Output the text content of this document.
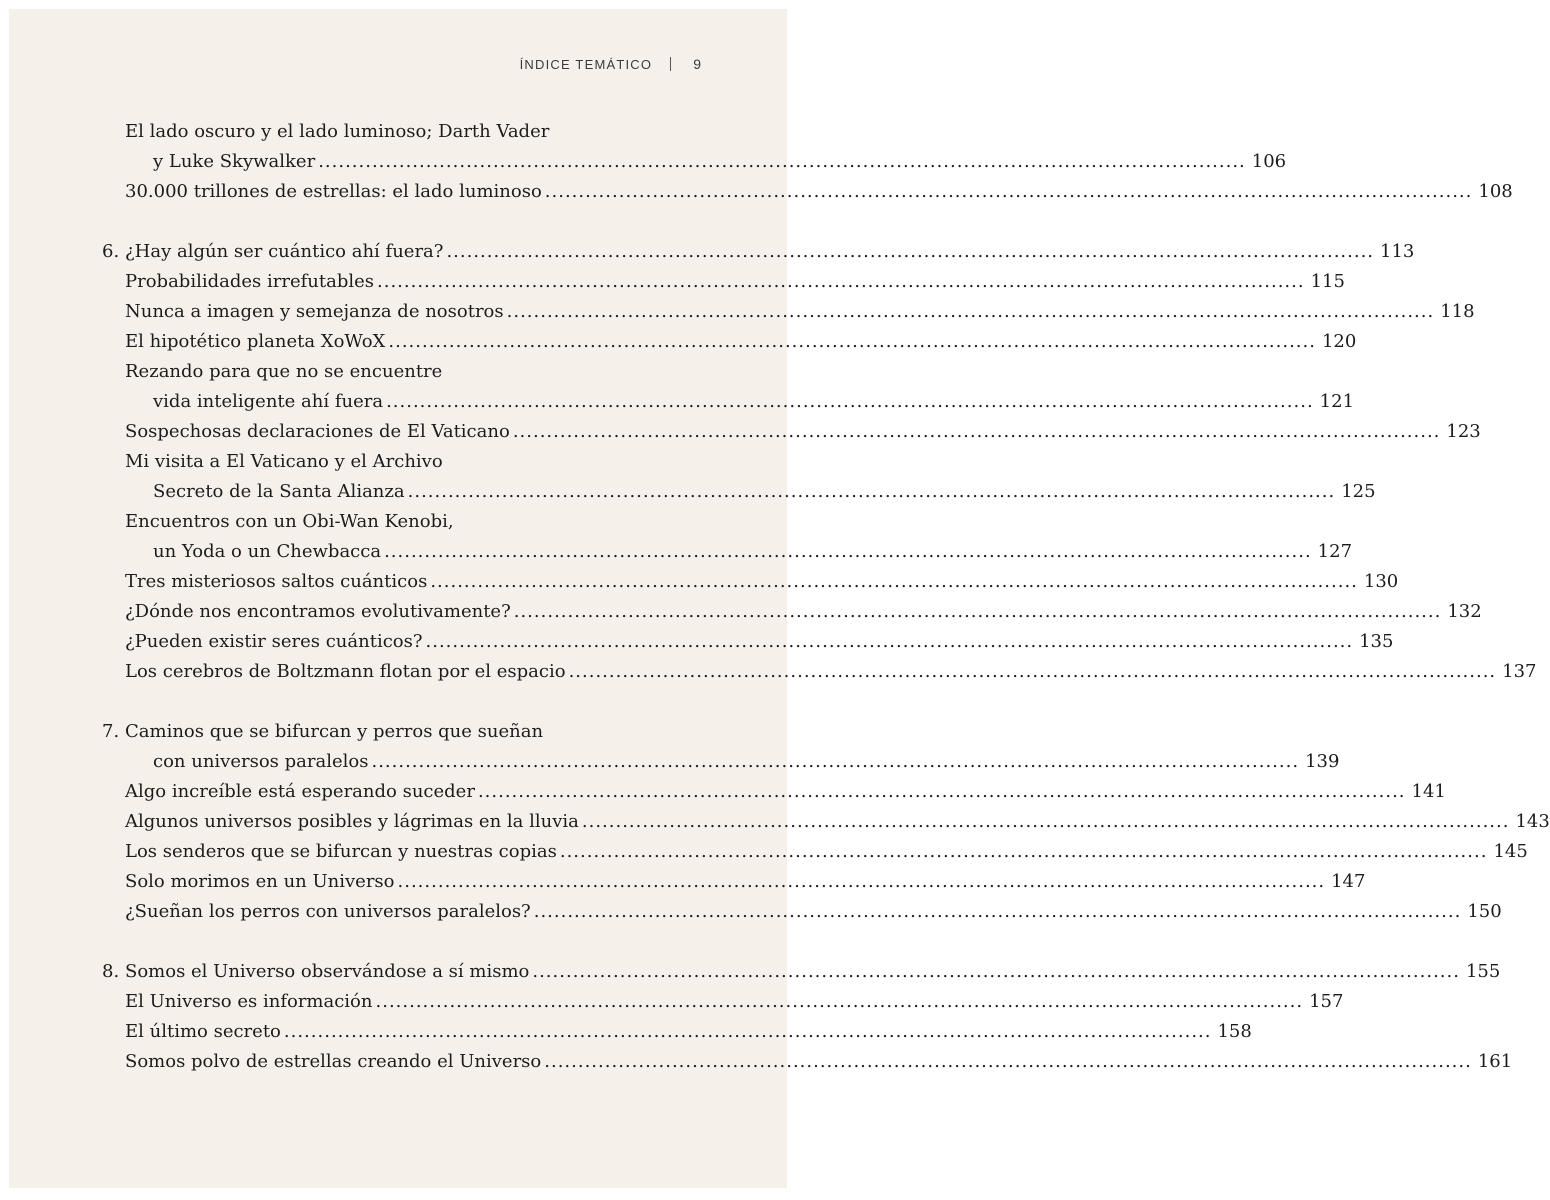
ÍNDICE TEMÁTICO	9
El lado oscuro y el lado luminoso; Darth Vader
y Luke Skywalker .......................................................................................................................................... 106
30.000 trillones de estrellas: el lado luminoso .......................................................................................................................................... 108
6. ¿Hay algún ser cuántico ahí fuera? .......................................................................................................................................... 113
Probabilidades irrefutables .......................................................................................................................................... 115
Nunca a imagen y semejanza de nosotros .......................................................................................................................................... 118
El hipotético planeta XoWoX .......................................................................................................................................... 120
Rezando para que no se encuentre
vida inteligente ahí fuera .......................................................................................................................................... 121
Sospechosas declaraciones de El Vaticano .......................................................................................................................................... 123
Mi visita a El Vaticano y el Archivo
Secreto de la Santa Alianza .......................................................................................................................................... 125
Encuentros con un Obi-Wan Kenobi,
un Yoda o un Chewbacca .......................................................................................................................................... 127
Tres misteriosos saltos cuánticos .......................................................................................................................................... 130
¿Dónde nos encontramos evolutivamente? .......................................................................................................................................... 132
¿Pueden existir seres cuánticos? .......................................................................................................................................... 135
Los cerebros de Boltzmann flotan por el espacio .......................................................................................................................................... 137
7. Caminos que se bifurcan y perros que sueñan
con universos paralelos .......................................................................................................................................... 139
Algo increíble está esperando suceder .......................................................................................................................................... 141
Algunos universos posibles y lágrimas en la lluvia .......................................................................................................................................... 143
Los senderos que se bifurcan y nuestras copias .......................................................................................................................................... 145
Solo morimos en un Universo .......................................................................................................................................... 147
¿Sueñan los perros con universos paralelos? .......................................................................................................................................... 150
8. Somos el Universo observándose a sí mismo .......................................................................................................................................... 155
El Universo es información .......................................................................................................................................... 157
El último secreto .......................................................................................................................................... 158
Somos polvo de estrellas creando el Universo .......................................................................................................................................... 161
